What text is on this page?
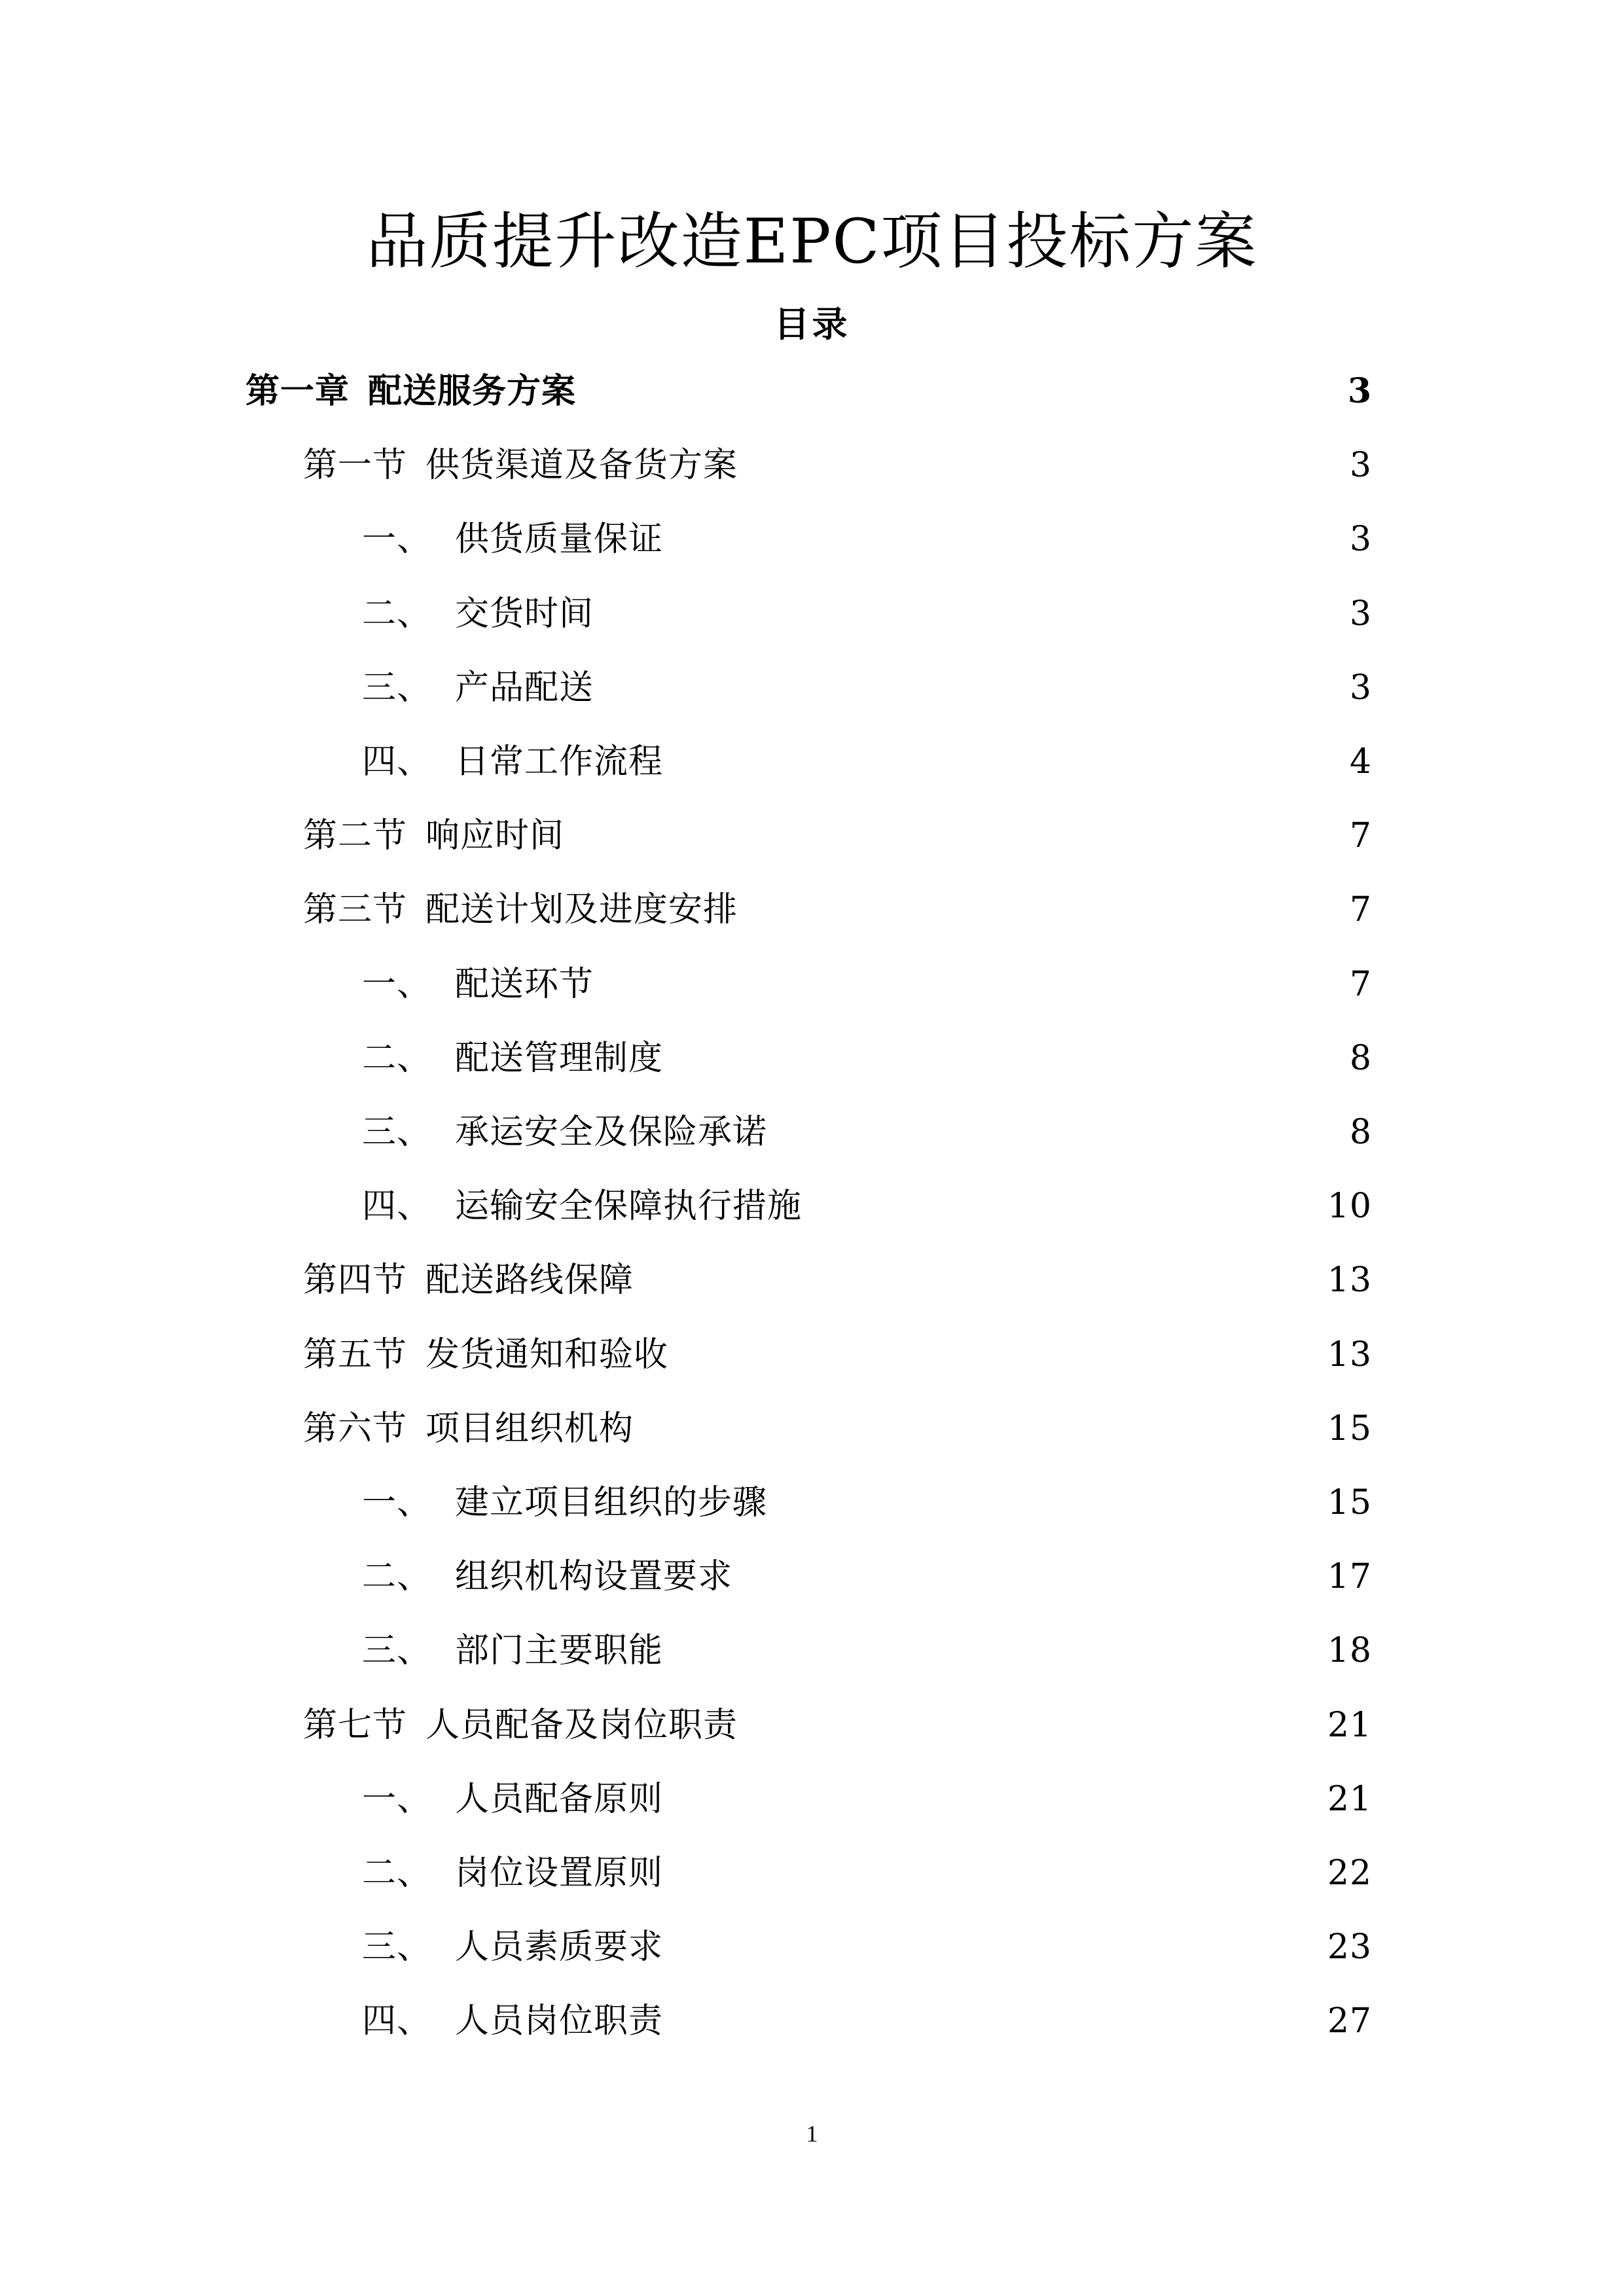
品质提升改造EPC项目投标方案
目录
第一章 配送服务方案	3
第一节 供货渠道及备货方案	3
一、 供货质量保证	3
二、 交货时间	3
三、 产品配送	3
四、 日常工作流程	4
第二节 响应时间	7
第三节 配送计划及进度安排	7
一、 配送环节	7
二、 配送管理制度	8
三、 承运安全及保险承诺	8
四、 运输安全保障执行措施	10
第四节 配送路线保障	13
第五节 发货通知和验收	13
第六节 项目组织机构	15
一、 建立项目组织的步骤	15
二、 组织机构设置要求	17
三、 部门主要职能	18
第七节 人员配备及岗位职责	21
一、 人员配备原则	21
二、 岗位设置原则	22
三、 人员素质要求	23
四、 人员岗位职责	27
1
